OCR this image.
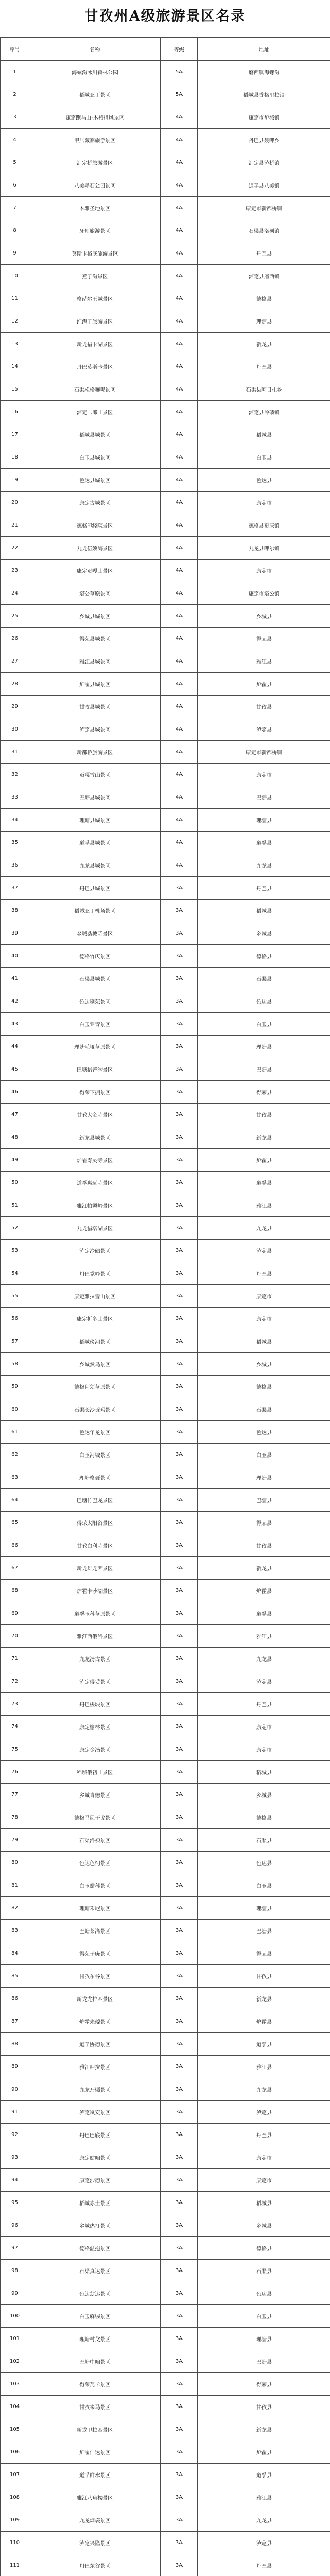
甘孜州A级旅游景区名录
序号	名称	等级	地址
1	海螺沟冰川森林公园	5A	磨西镇海螺沟
2	稻城亚丁景区	5A	稻城县香格里拉镇
3	康定跑马山-木格措风景区	4A	康定市炉城镇
4	甲居藏寨旅游景区	4A	丹巴县聂呷乡
5	泸定桥旅游景区	4A	泸定县泸桥镇
6	八美墨石公园景区	4A	道孚县八美镇
7	木雅圣地景区	4A	康定市新都桥镇
8	牙则旅游景区	4A	石渠县洛须镇
9	莫斯卡格底旅游景区	4A	丹巴县
10	燕子沟景区	4A	泸定县磨西镇
11	格萨尔王城景区	4A	德格县
12	红海子旅游景区	4A	理塘县
13	新龙措卡湖景区	4A	新龙县
14	丹巴莫斯卡景区	4A	丹巴县
15	石渠松格嘛呢景区	4A	石渠县阿日扎乡
16	泸定二郎山景区	4A	泸定县冷碛镇
17	稻城县城景区	4A	稻城县
18	白玉县城景区	4A	白玉县
19	色达县城景区	4A	色达县
20	康定古城景区	4A	康定市
21	德格印经院景区	4A	德格县更庆镇
22	九龙伍须海景区	4A	九龙县呷尔镇
23	康定贡嘎山景区	4A	康定市
24	塔公草原景区	4A	康定市塔公镇
25	乡城县城景区	4A	乡城县
26	得荣县城景区	4A	得荣县
27	雅江县城景区	4A	雅江县
28	炉霍县城景区	4A	炉霍县
29	甘孜县城景区	4A	甘孜县
30	泸定县城景区	4A	泸定县
31	新都桥旅游景区	4A	康定市新都桥镇
32	贡嘎雪山景区	4A	康定市
33	巴塘县城景区	4A	巴塘县
34	理塘县城景区	4A	理塘县
35	道孚县城景区	4A	道孚县
36	九龙县城景区	4A	九龙县
37	丹巴县城景区	3A	丹巴县
38	稻城亚丁机场景区	3A	稻城县
39	乡城桑披寺景区	3A	乡城县
40	德格竹庆景区	3A	德格县
41	石渠县城景区	3A	石渠县
42	色达喇荣景区	3A	色达县
43	白玉亚青景区	3A	白玉县
44	理塘毛垭草原景区	3A	理塘县
45	巴塘措普沟景区	3A	巴塘县
46	得荣下拥景区	3A	得荣县
47	甘孜大金寺景区	3A	甘孜县
48	新龙县城景区	3A	新龙县
49	炉霍寿灵寺景区	3A	炉霍县
50	道孚惠远寺景区	3A	道孚县
51	雅江帕姆岭景区	3A	雅江县
52	九龙猎塔湖景区	3A	九龙县
53	泸定冷碛景区	3A	泸定县
54	丹巴党岭景区	3A	丹巴县
55	康定雅拉雪山景区	3A	康定市
56	康定折多山景区	3A	康定市
57	稻城傍河景区	3A	稻城县
58	乡城然乌景区	3A	乡城县
59	德格阿须草原景区	3A	德格县
60	石渠长沙贡玛景区	3A	石渠县
61	色达年龙景区	3A	色达县
62	白玉河坡景区	3A	白玉县
63	理塘格聂景区	3A	理塘县
64	巴塘竹巴龙景区	3A	巴塘县
65	得荣太阳谷景区	3A	得荣县
66	甘孜白利寺景区	3A	甘孜县
67	新龙雄龙西景区	3A	新龙县
68	炉霍卡莎湖景区	3A	炉霍县
69	道孚玉科草原景区	3A	道孚县
70	雅江西俄洛景区	3A	雅江县
71	九龙汤古景区	3A	九龙县
72	泸定得妥景区	3A	泸定县
73	丹巴梭坡景区	3A	丹巴县
74	康定榆林景区	3A	康定市
75	康定金汤景区	3A	康定市
76	稻城俄初山景区	3A	稻城县
77	乡城青德景区	3A	乡城县
78	德格马尼干戈景区	3A	德格县
79	石渠洛须景区	3A	石渠县
80	色达色柯景区	3A	色达县
81	白玉赠科景区	3A	白玉县
82	理塘禾尼景区	3A	理塘县
83	巴塘茶洛景区	3A	巴塘县
84	得荣子庚景区	3A	得荣县
85	甘孜东谷景区	3A	甘孜县
86	新龙尤拉西景区	3A	新龙县
87	炉霍朱倭景区	3A	炉霍县
88	道孚协德景区	3A	道孚县
89	雅江呷拉景区	3A	雅江县
90	九龙乃渠景区	3A	九龙县
91	泸定岚安景区	3A	泸定县
92	丹巴巴底景区	3A	丹巴县
93	康定姑咱景区	3A	康定市
94	康定沙德景区	3A	康定市
95	稻城赤土景区	3A	稻城县
96	乡城热打景区	3A	乡城县
97	德格温拖景区	3A	德格县
98	石渠真达景区	3A	石渠县
99	色达翁达景区	3A	色达县
100	白玉麻绒景区	3A	白玉县
101	理塘村戈景区	3A	理塘县
102	巴塘中咱景区	3A	巴塘县
103	得荣瓦卡景区	3A	得荣县
104	甘孜来马景区	3A	甘孜县
105	新龙甲拉西景区	3A	新龙县
106	炉霍仁达景区	3A	炉霍县
107	道孚鲜水景区	3A	道孚县
108	雅江八角楼景区	3A	雅江县
109	九龙烟袋景区	3A	九龙县
110	泸定兴隆景区	3A	泸定县
111	丹巴东谷景区	3A	丹巴县
